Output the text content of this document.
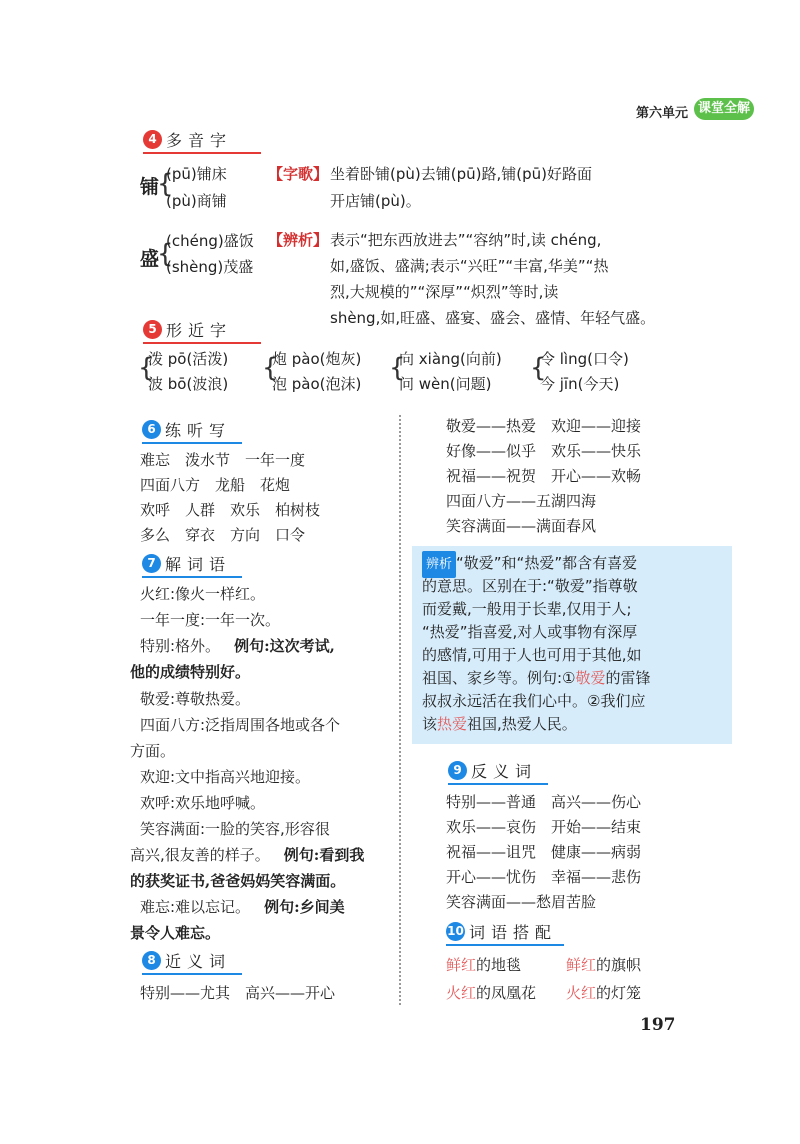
第六单元 课堂全解
4 多音字
铺
{
(pū)铺床
(pù)商铺
【字歌】 坐着卧铺(pù)去铺(pū)路,铺(pū)好路面
开店铺(pù)。
盛
{
(chéng)盛饭
(shèng)茂盛
【辨析】 表示“把东西放进去”“容纳”时,读 chéng,
如,盛饭、盛满;表示“兴旺”“丰富,华美”“热
烈,大规模的”“深厚”“炽烈”等时,读
shèng,如,旺盛、盛宴、盛会、盛情、年轻气盛。
5 形近字
{
泼 pō(活泼)
波 bō(波浪)
{
炮 pào(炮灰)
泡 pào(泡沫)
{
向 xiàng(向前)
问 wèn(问题)
{
令 lìng(口令)
今 jīn(今天)
6 练听写
难忘　泼水节　一年一度
四面八方　龙船　花炮
欢呼　人群　欢乐　柏树枝
多么　穿衣　方向　口令
7 解词语
火红:像火一样红。
一年一度:一年一次。
特别:格外。 例句:这次考试,
他的成绩特别好。
敬爱:尊敬热爱。
四面八方:泛指周围各地或各个
方面。
欢迎:文中指高兴地迎接。
欢呼:欢乐地呼喊。
笑容满面:一脸的笑容,形容很
高兴,很友善的样子。 例句:看到我
的获奖证书,爸爸妈妈笑容满面。
难忘:难以忘记。 例句:乡间美
景令人难忘。
8 近义词
特别——尤其　高兴——开心
敬爱——热爱　欢迎——迎接
好像——似乎　欢乐——快乐
祝福——祝贺　开心——欢畅
四面八方——五湖四海
笑容满面——满面春风
辨析 “敬爱”和“热爱”都含有喜爱
的意思。区别在于:“敬爱”指尊敬
而爱戴,一般用于长辈,仅用于人;
“热爱”指喜爱,对人或事物有深厚
的感情,可用于人也可用于其他,如
祖国、家乡等。例句:①敬爱的雷锋
叔叔永远活在我们心中。②我们应
该热爱祖国,热爱人民。
9 反义词
特别——普通　高兴——伤心
欢乐——哀伤　开始——结束
祝福——诅咒　健康——病弱
开心——忧伤　幸福——悲伤
笑容满面——愁眉苦脸
10 词语搭配
鲜红的地毯	鲜红的旗帜
火红的凤凰花 火红的灯笼
197
